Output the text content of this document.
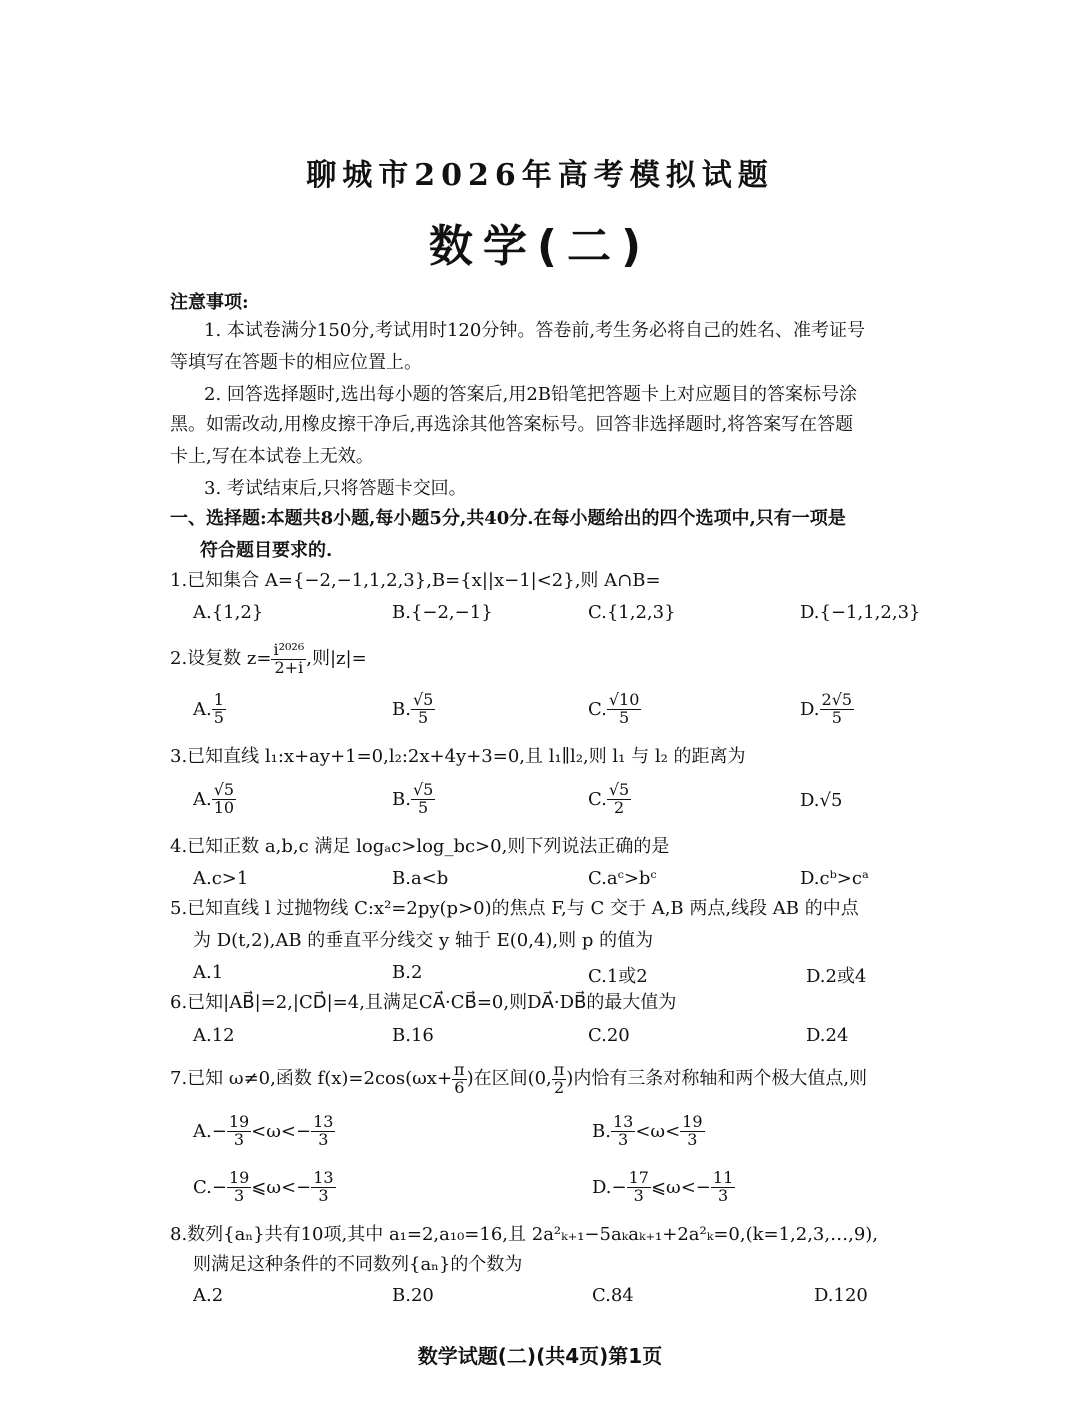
聊城市2026年高考模拟试题
数学(二)
注意事项:
1. 本试卷满分150分,考试用时120分钟。答卷前,考生务必将自己的姓名、准考证号
等填写在答题卡的相应位置上。
2. 回答选择题时,选出每小题的答案后,用2B铅笔把答题卡上对应题目的答案标号涂
黑。如需改动,用橡皮擦干净后,再选涂其他答案标号。回答非选择题时,将答案写在答题
卡上,写在本试卷上无效。
3. 考试结束后,只将答题卡交回。
一、选择题:本题共8小题,每小题5分,共40分.在每小题给出的四个选项中,只有一项是
符合题目要求的.
1.已知集合 A={−2,−1,1,2,3},B={x||x−1|<2},则 A∩B=
A.{1,2}	B.{−2,−1}	C.{1,2,3}	D.{−1,1,2,3}
2.设复数 $z= \frac{\text{i²⁰²⁶}}{2+i}$ ,则|z|=
A. $\frac{1}{5}$	B. $\frac{√5}{5}$	C. $\frac{√10}{5}$	D. $\frac{2√5}{5}$
3.已知直线 l₁:x+ay+1=0,l₂:2x+4y+3=0,且 l₁∥l₂,则 l₁ 与 l₂ 的距离为
A. $\frac{√5}{10}$	B. $\frac{√5}{5}$	C. $\frac{√5}{2}$	D.√5
4.已知正数 a,b,c 满足 logₐc>log_bc>0,则下列说法正确的是
A.c>1	B.a<b	C.aᶜ>bᶜ	D.cᵇ>cᵃ
5.已知直线 l 过抛物线 C:x²=2py(p>0)的焦点 F,与 C 交于 A,B 两点,线段 AB 的中点
为 D(t,2),AB 的垂直平分线交 y 轴于 E(0,4),则 p 的值为
A.1	B.2	C.1或2	D.2或4
6.已知|AB⃗|=2,|CD⃗|=4,且满足CA⃗·CB⃗=0,则DA⃗·DB⃗的最大值为
A.12	B.16	C.20	D.24
7.已知 ω≠0,函数 $f(x)=2\cos(\omega x+ \frac{\pi}{6}$ )在区间(0, $\frac{\pi}{2}$ )内恰有三条对称轴和两个极大值点,则
$A.- \frac{19}{3} <\omega<- \frac{13}{3}$	B. $\frac{13}{3} <\omega< \frac{19}{3}$
$C.- \frac{19}{3}$ ⩽ω<− $\frac{13}{3}$	$D.- \frac{17}{3}$ ⩽ω<− $\frac{11}{3}$
8.数列{aₙ}共有10项,其中 a₁=2,a₁₀=16,且 2a²ₖ₊₁−5aₖaₖ₊₁+2a²ₖ=0,(k=1,2,3,…,9),
则满足这种条件的不同数列{aₙ}的个数为
A.2	B.20	C.84	D.120
数学试题(二)(共4页)第1页
